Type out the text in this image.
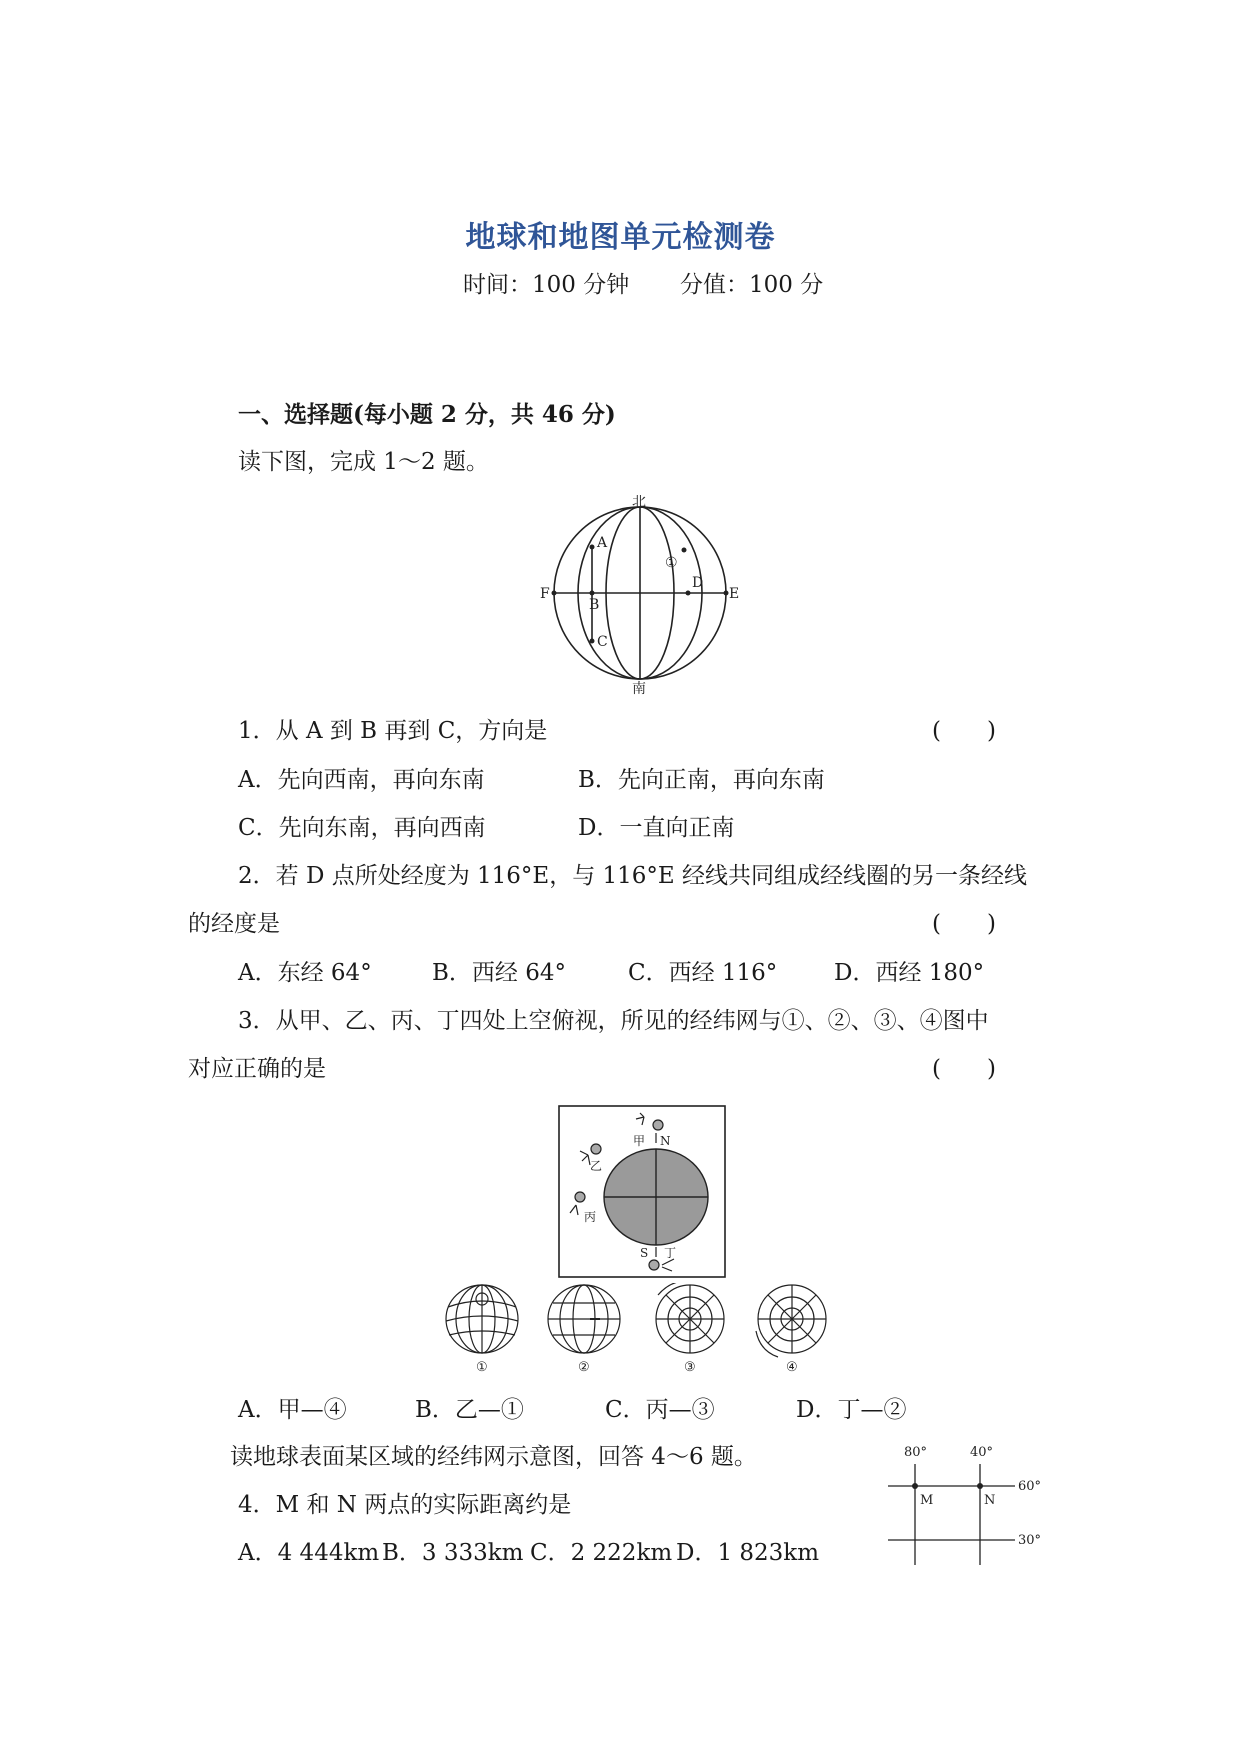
地球和地图单元检测卷
时间：100 分钟 分值：100 分
一、选择题(每小题 2 分，共 46 分)
读下图，完成 1～2 题。
北
南
F	E
A
B
C
D
①
1．从 A 到 B 再到 C，方向是	(　　)
A．先向西南，再向东南	B．先向正南，再向东南
C．先向东南，再向西南	D．一直向正南
2．若 D 点所处经度为 116°E，与 116°E 经线共同组成经线圈的另一条经线
的经度是	(　　)
A．东经 64°	B．西经 64°	C．西经 116° D．西经 180°
3．从甲、乙、丙、丁四处上空俯视，所见的经纬网与①、②、③、④图中
对应正确的是	(　　)
甲 N
乙
丙
S 丁
①	②	③	④
A．甲—④	B．乙—①	C．丙—③	D．丁—②
读地球表面某区域的经纬网示意图，回答 4～6 题。	80°	40°
60°
30°
M	N
4．M 和 N 两点的实际距离约是
A．4 444km B．3 333km C．2 222km D．1 823km
